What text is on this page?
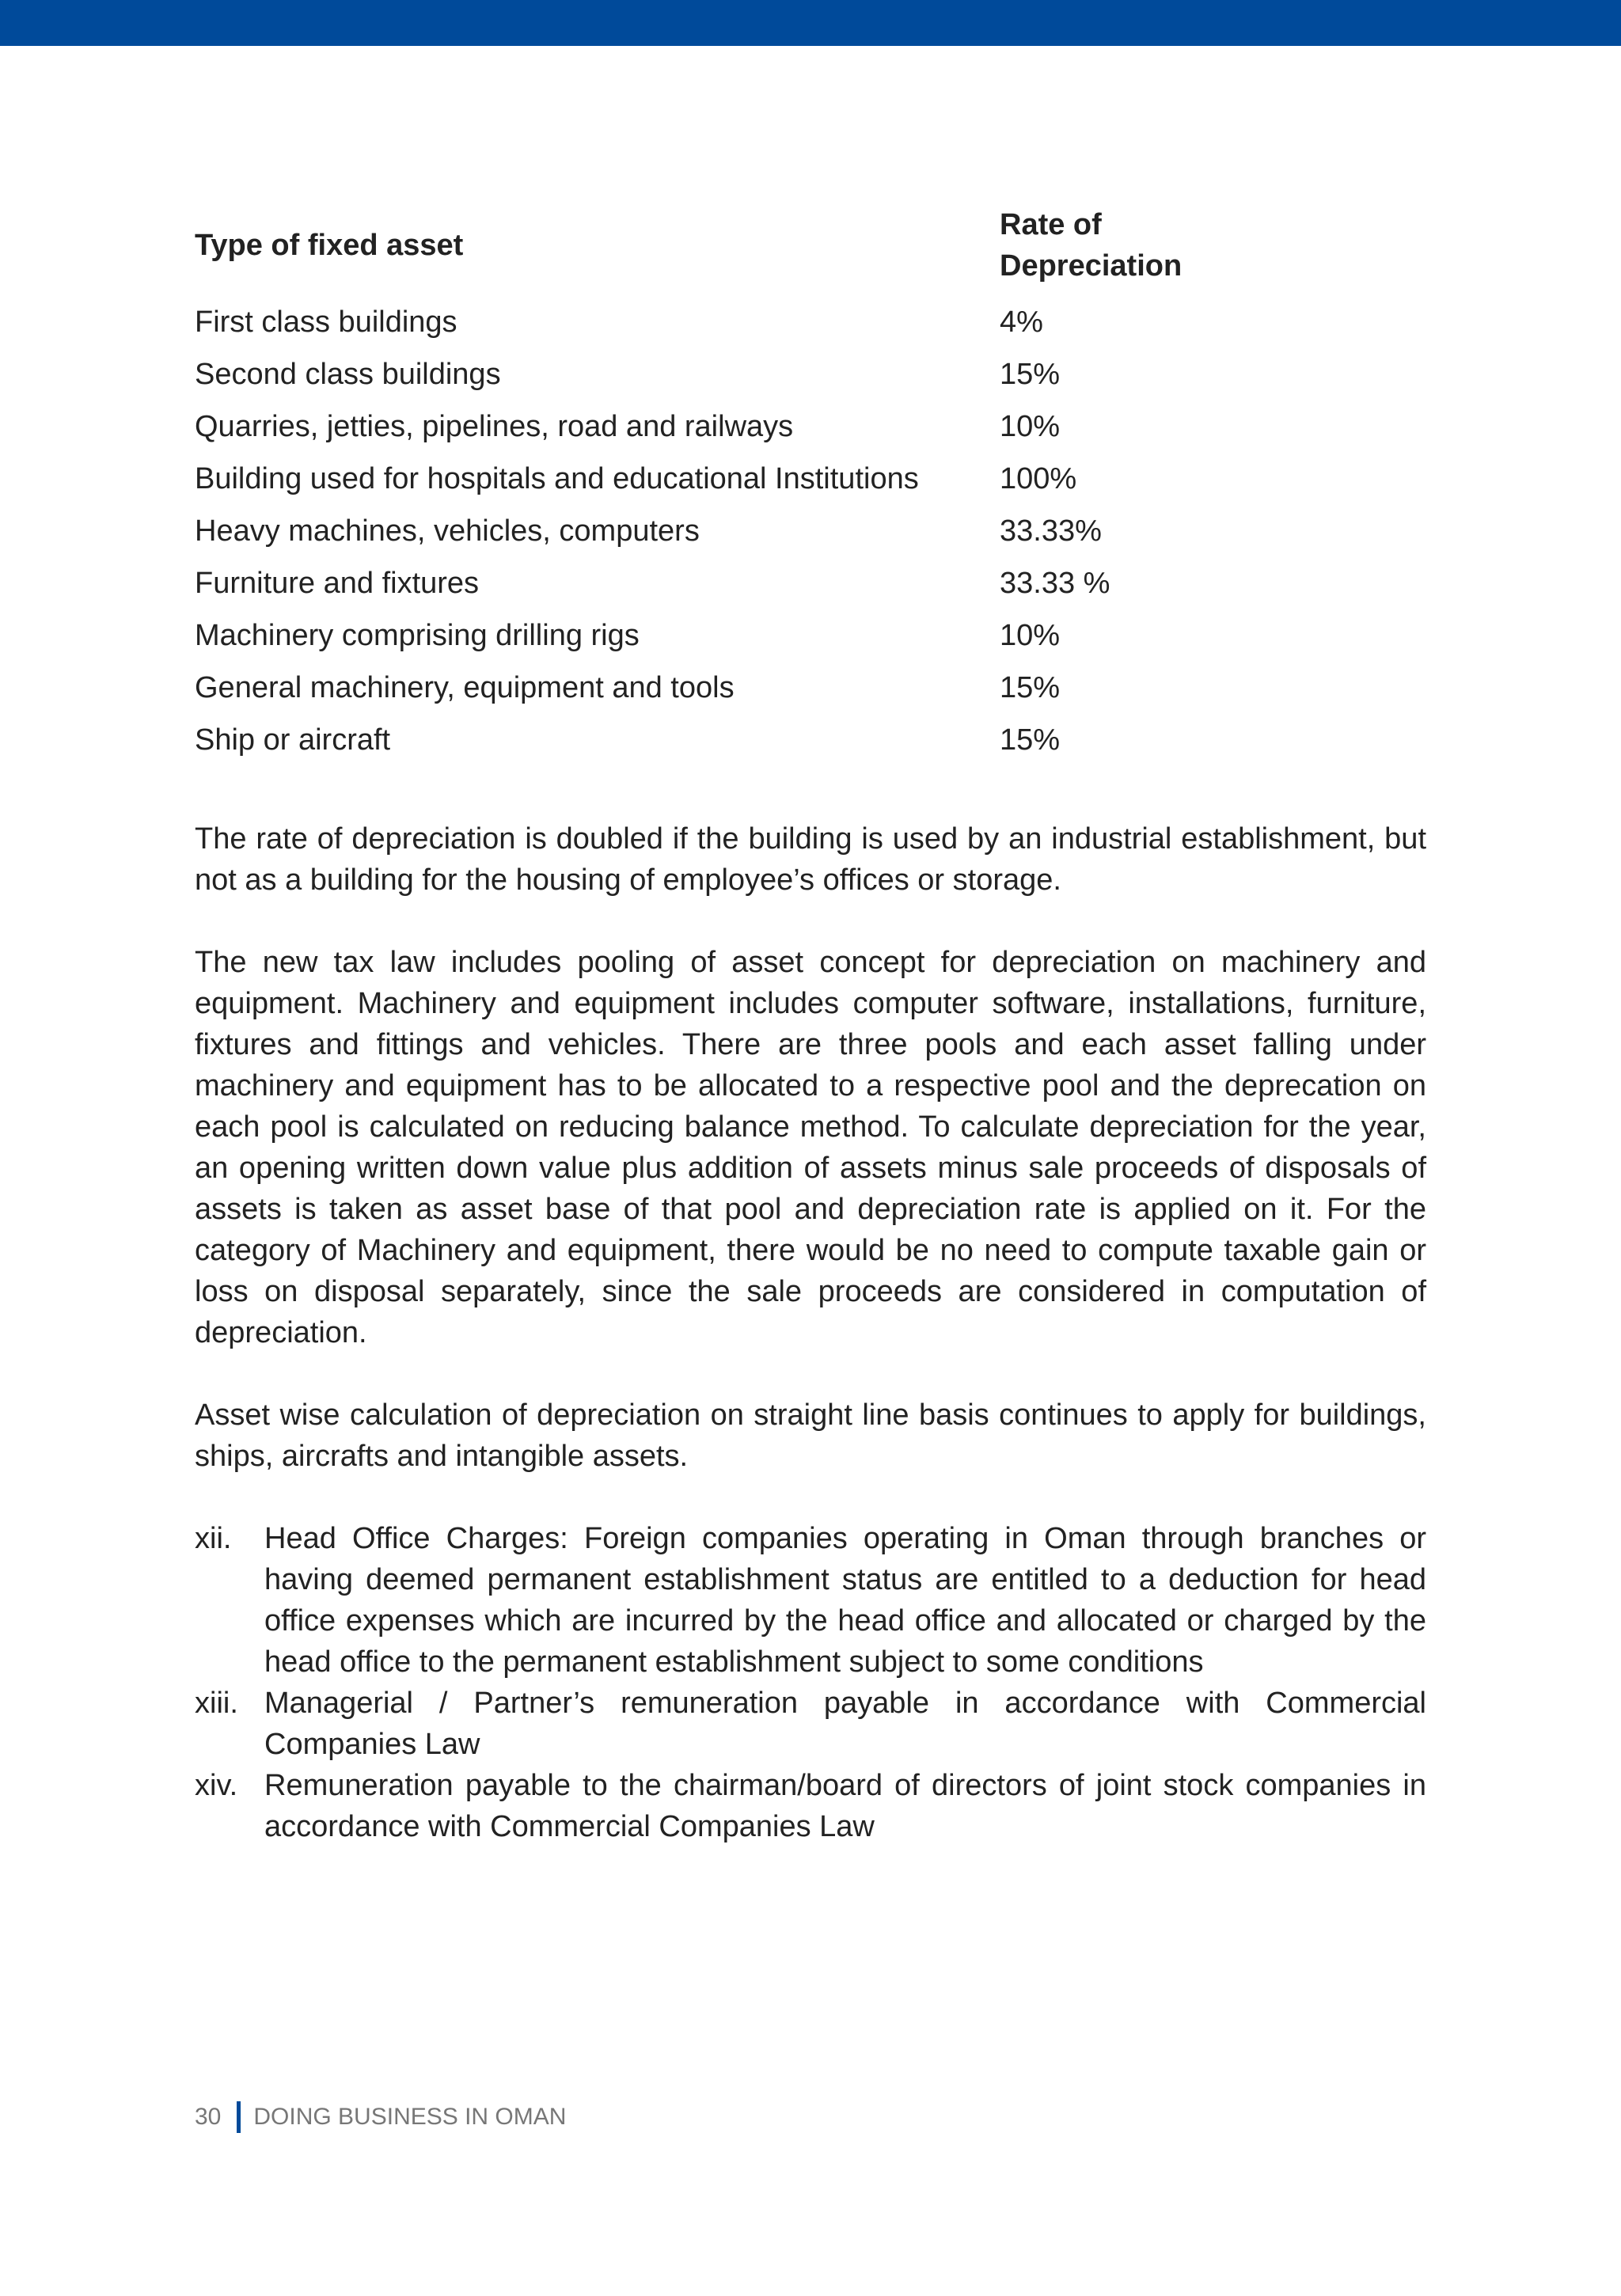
Type of fixed asset	Rate of
Depreciation

First class buildings	4%
Second class buildings	15%
Quarries, jetties, pipelines, road and railways	10%
Building used for hospitals and educational Institutions	100%
Heavy machines, vehicles, computers	33.33%
Furniture and fixtures	33.33 %
Machinery comprising drilling rigs	10%
General machinery, equipment and tools	15%
Ship or aircraft	15%

The rate of depreciation is doubled if the building is used by an industrial establishment, but not as a building for the housing of employee’s offices or storage.

The new tax law includes pooling of asset concept for depreciation on machinery and equipment. Machinery and equipment includes computer software, installations, furniture, fixtures and fittings and vehicles. There are three pools and each asset falling under machinery and equipment has to be allocated to a respective pool and the deprecation on each pool is calculated on reducing balance method. To calculate depreciation for the year, an opening written down value plus addition of assets minus sale proceeds of disposals of assets is taken as asset base of that pool and depreciation rate is applied on it. For the category of Machinery and equipment, there would be no need to compute taxable gain or loss on disposal separately, since the sale proceeds are considered in computation of depreciation.

Asset wise calculation of depreciation on straight line basis continues to apply for buildings, ships, aircrafts and intangible assets.

xii.	Head Office Charges: Foreign companies operating in Oman through branches or having deemed permanent establishment status are entitled to a deduction for head office expenses which are incurred by the head office and allocated or charged by the head office to the permanent establishment subject to some conditions
xiii. Managerial / Partner’s remuneration payable in accordance with Commercial Companies Law
xiv. Remuneration payable to the chairman/board of directors of joint stock companies in accordance with Commercial Companies Law
30 DOING BUSINESS IN OMAN
